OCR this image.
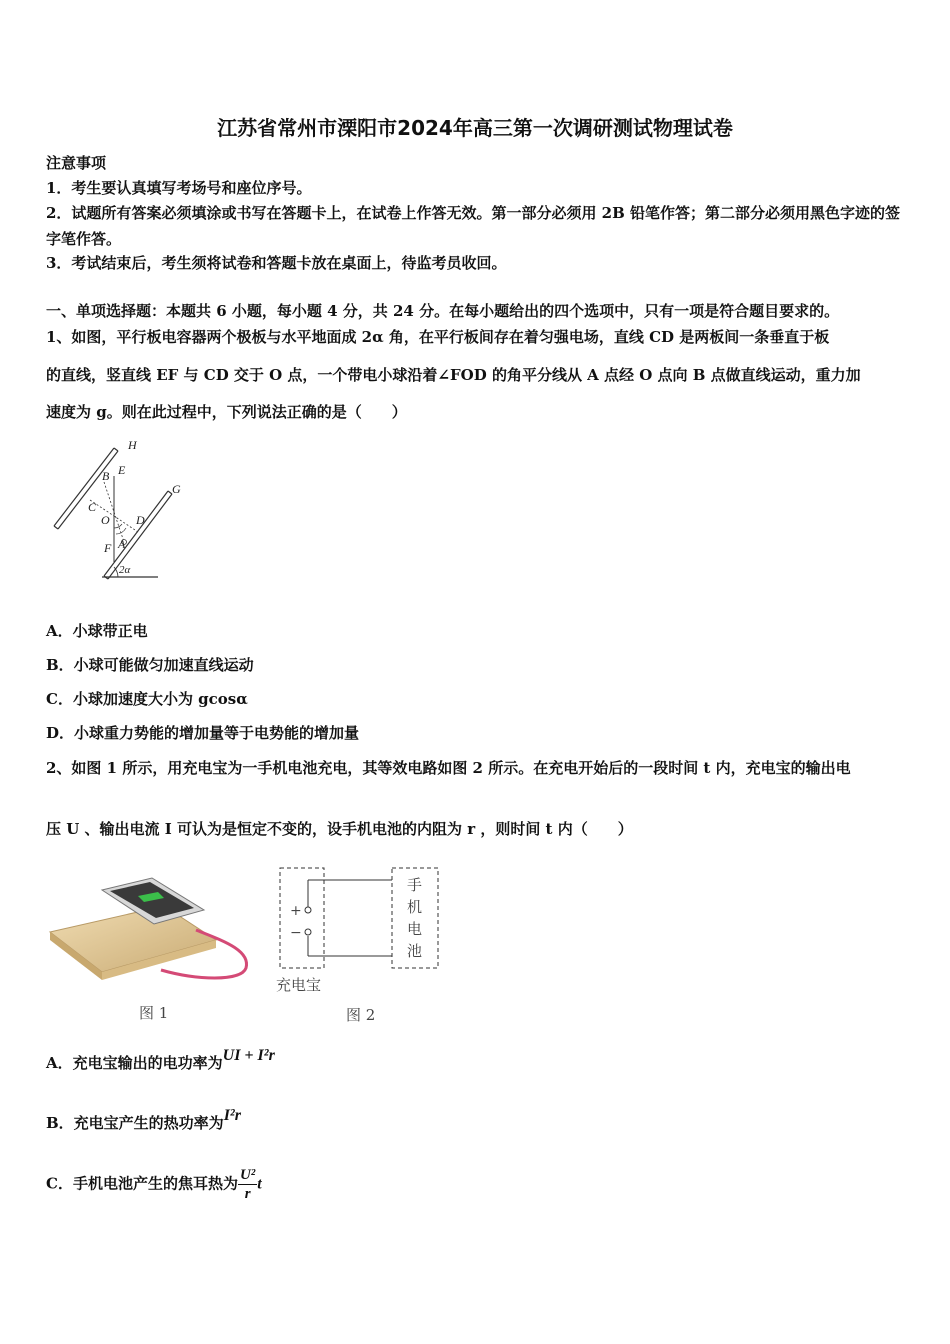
江苏省常州市溧阳市2024年高三第一次调研测试物理试卷
注意事项
1．考生要认真填写考场号和座位序号。
2．试题所有答案必须填涂或书写在答题卡上，在试卷上作答无效。第一部分必须用 2B 铅笔作答；第二部分必须用黑色字迹的签字笔作答。
3．考试结束后，考生须将试卷和答题卡放在桌面上，待监考员收回。
一、单项选择题：本题共 6 小题，每小题 4 分，共 24 分。在每小题给出的四个选项中，只有一项是符合题目要求的。
1、如图，平行板电容器两个极板与水平地面成 2α 角，在平行板间存在着匀强电场，直线 CD 是两板间一条垂直于板
的直线，竖直线 EF 与 CD 交于 O 点，一个带电小球沿着∠FOD 的角平分线从 A 点经 O 点向 B 点做直线运动，重力加
速度为 g。则在此过程中，下列说法正确的是（　　）
H
E
B
C
O D
A
F
G
2α
A．小球带正电
B．小球可能做匀加速直线运动
C．小球加速度大小为 gcosα
D．小球重力势能的增加量等于电势能的增加量
2、如图 1 所示，用充电宝为一手机电池充电，其等效电路如图 2 所示。在充电开始后的一段时间 t 内，充电宝的输出电
压 U 、输出电流 I 可认为是恒定不变的，设手机电池的内阻为 r ，则时间 t 内（　　）
图 1
+
−
手
机
电
池
充电宝
图 2
A．充电宝输出的电功率为UI + I²r
B．充电宝产生的热功率为I²r
C．手机电池产生的焦耳热为 $\frac{\text{U²}}{r}$ t
